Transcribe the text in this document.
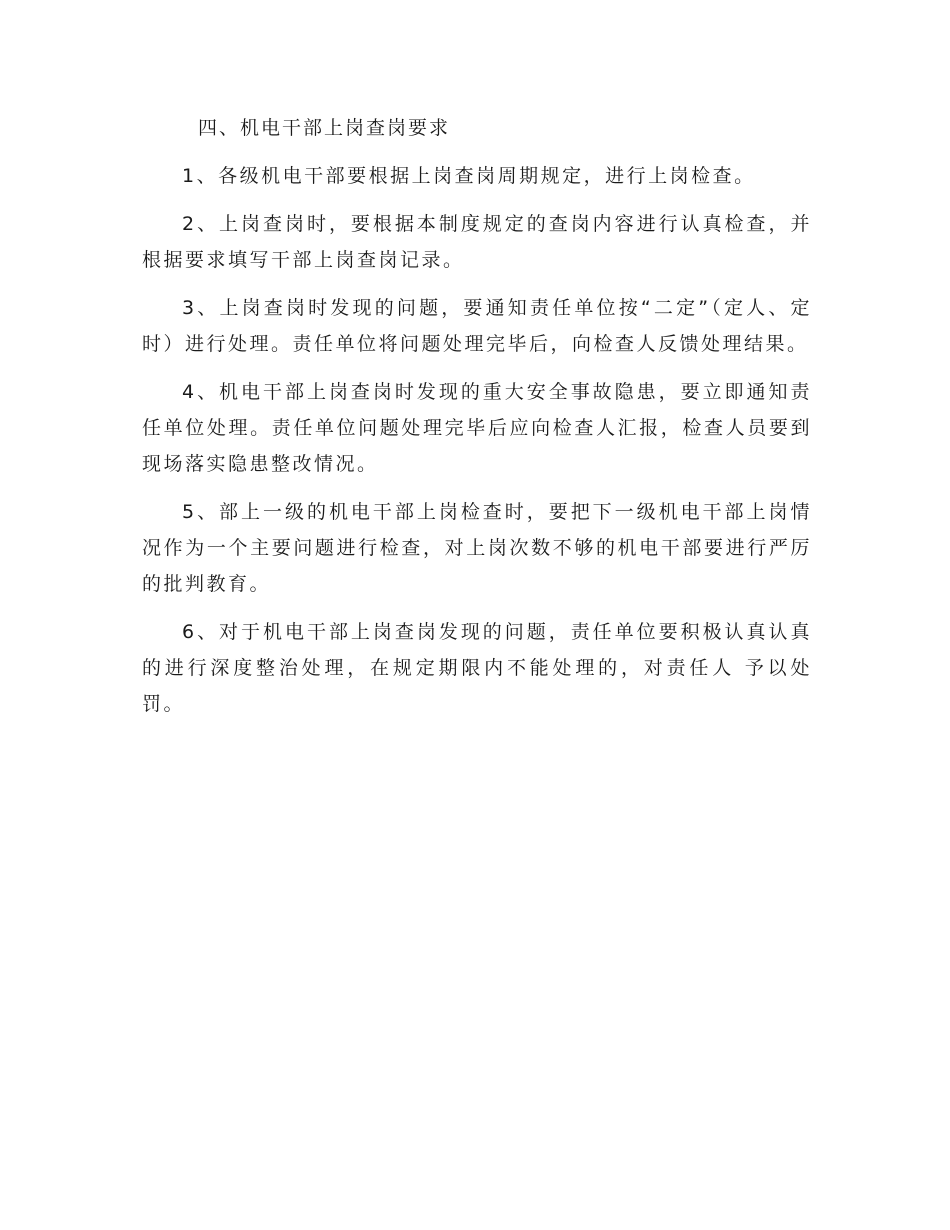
四、机电干部上岗查岗要求

1、各级机电干部要根据上岗查岗周期规定，进行上岗检查。

2、上岗查岗时，要根据本制度规定的查岗内容进行认真检查，并根据要求填写干部上岗查岗记录。

3、上岗查岗时发现的问题，要通知责任单位按“二定”（定人、定时）进行处理。责任单位将问题处理完毕后，向检查人反馈处理结果。

4、机电干部上岗查岗时发现的重大安全事故隐患，要立即通知责任单位处理。责任单位问题处理完毕后应向检查人汇报，检查人员要到现场落实隐患整改情况。

5、部上一级的机电干部上岗检查时，要把下一级机电干部上岗情况作为一个主要问题进行检查，对上岗次数不够的机电干部要进行严厉的批判教育。

6、对于机电干部上岗查岗发现的问题，责任单位要积极认真认真的进行深度整治处理，在规定期限内不能处理的，对责任人 予以处罚。
